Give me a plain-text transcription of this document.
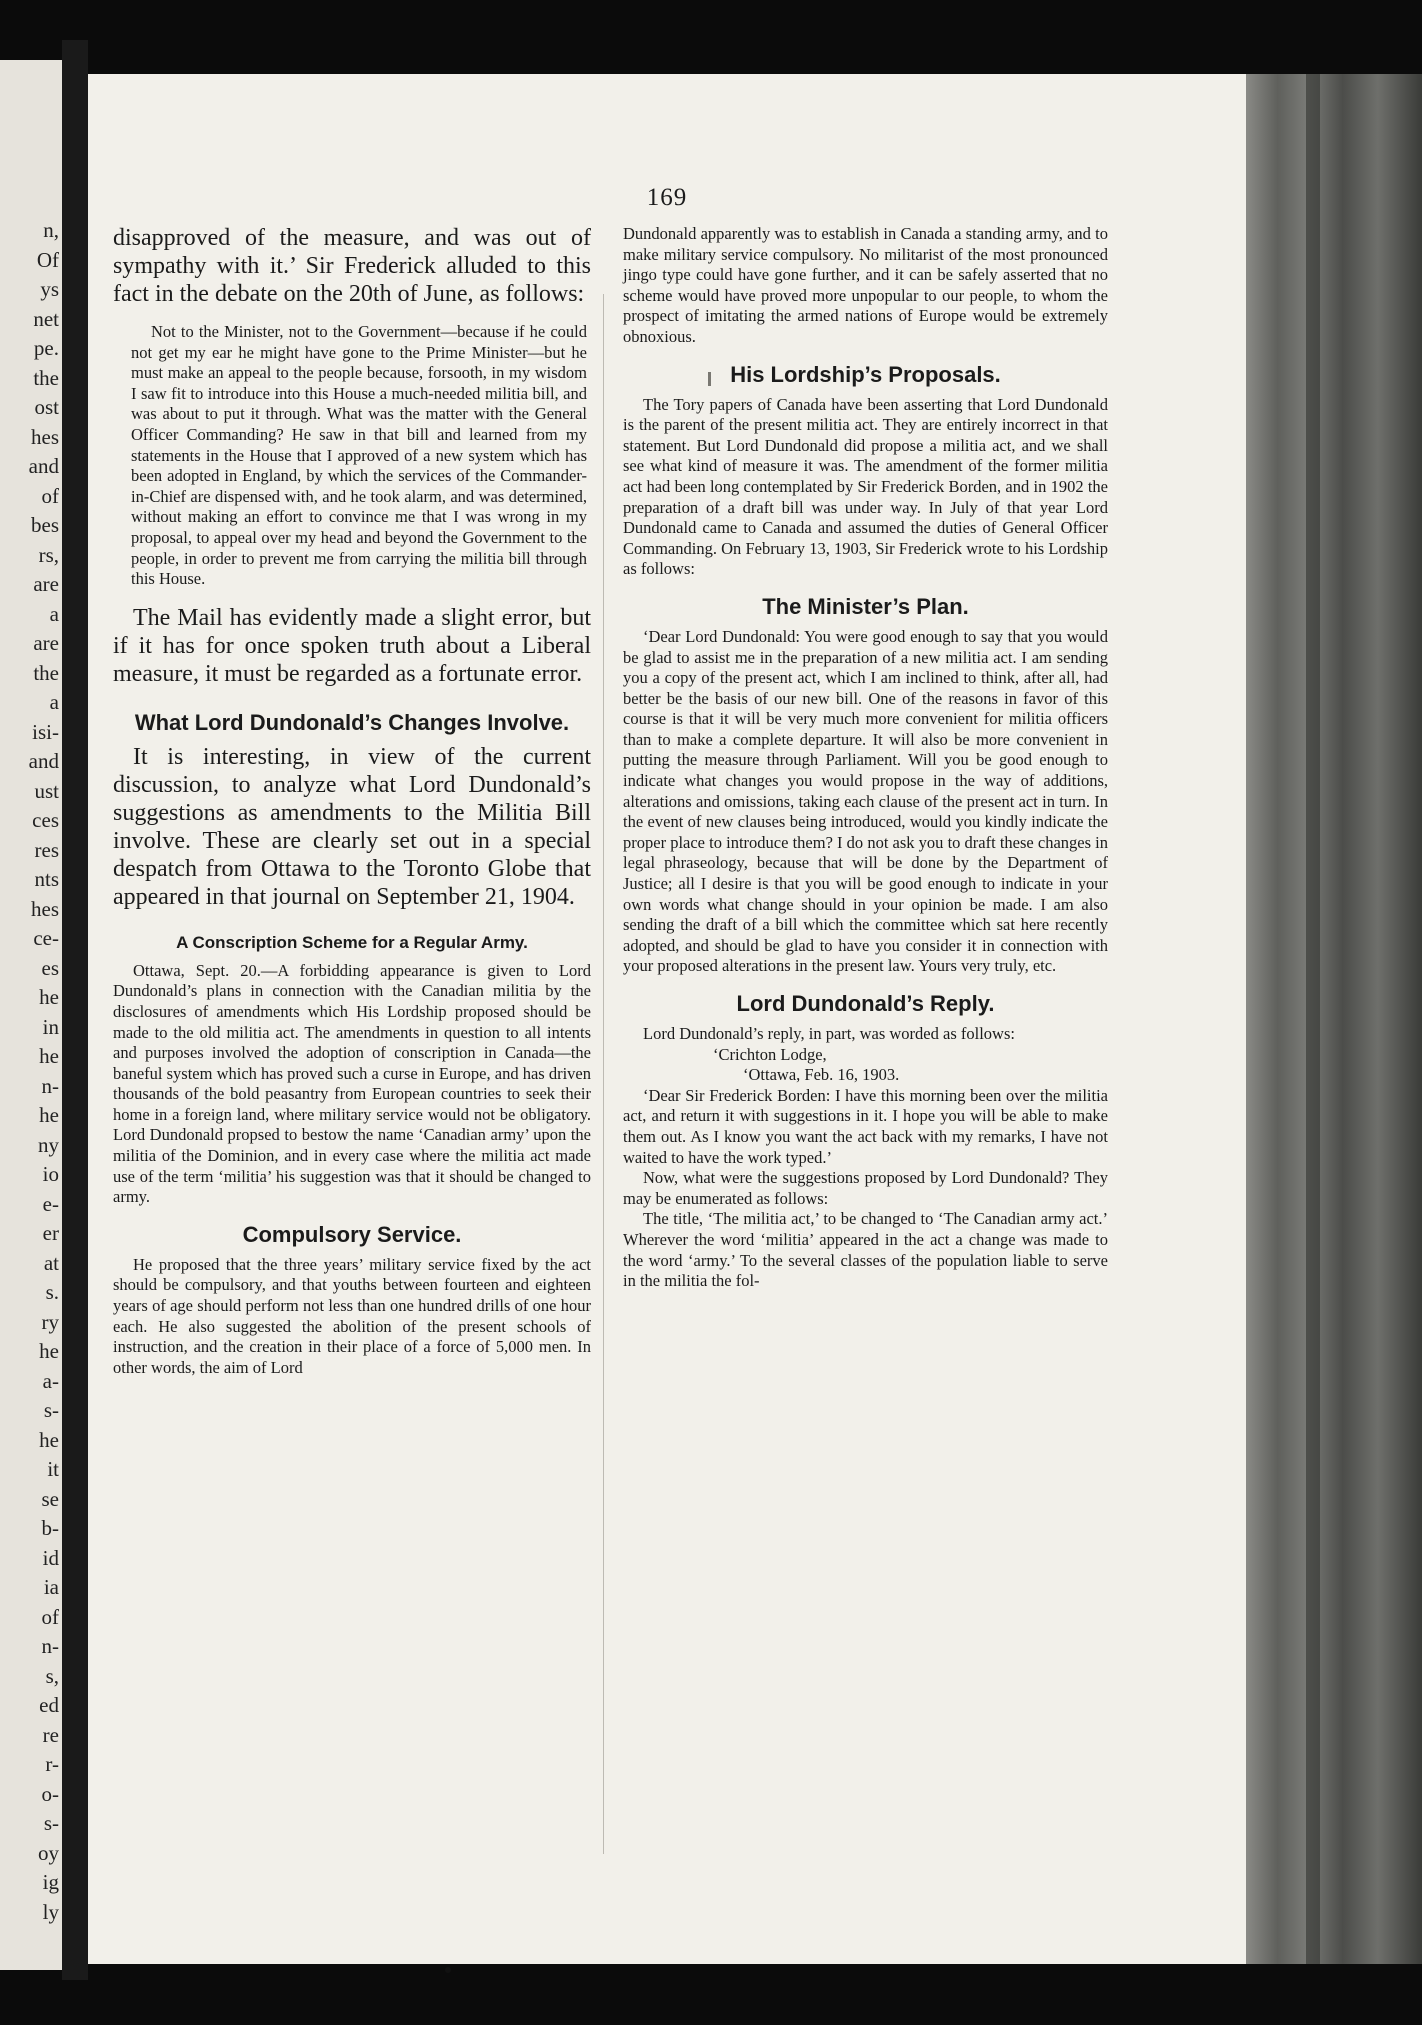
n,
Of
ys
net
pe.
the
ost
hes
and
of
bes
rs,
are
a
are
the
a
isi-
and
ust
ces
res
nts
hes
ce-
es
he
in
he
n-
he
ny
io
e-
er
at
s.
ry
he
a-
s-
he
it
se
b-
id
ia
of
n-
s,
ed
re
r-
o-
s-
oy
ig
ly
169

disapproved of the measure, and was out of sympathy with it.’ Sir Frederick alluded to this fact in the debate on the 20th of June, as follows:

Not to the Minister, not to the Government—because if he could not get my ear he might have gone to the Prime Minister—but he must make an appeal to the people because, forsooth, in my wisdom I saw fit to introduce into this House a much-needed militia bill, and was about to put it through. What was the matter with the General Officer Commanding? He saw in that bill and learned from my statements in the House that I approved of a new system which has been adopted in England, by which the services of the Commander-in-Chief are dispensed with, and he took alarm, and was determined, without making an effort to convince me that I was wrong in my proposal, to appeal over my head and beyond the Government to the people, in order to prevent me from carrying the militia bill through this House.

The Mail has evidently made a slight error, but if it has for once spoken truth about a Liberal measure, it must be regarded as a fortunate error.

What Lord Dundonald’s Changes Involve.

It is interesting, in view of the current discussion, to analyze what Lord Dundonald’s suggestions as amendments to the Militia Bill involve. These are clearly set out in a special despatch from Ottawa to the Toronto Globe that appeared in that journal on September 21, 1904.

A Conscription Scheme for a Regular Army.

Ottawa, Sept. 20.—A forbidding appearance is given to Lord Dundonald’s plans in connection with the Canadian militia by the disclosures of amendments which His Lordship proposed should be made to the old militia act. The amendments in question to all intents and purposes involved the adoption of conscription in Canada—the baneful system which has proved such a curse in Europe, and has driven thousands of the bold peasantry from European countries to seek their home in a foreign land, where military service would not be obligatory. Lord Dundonald propsed to bestow the name ‘Canadian army’ upon the militia of the Dominion, and in every case where the militia act made use of the term ‘militia’ his suggestion was that it should be changed to army.

Compulsory Service.

He proposed that the three years’ military service fixed by the act should be compulsory, and that youths between fourteen and eighteen years of age should perform not less than one hundred drills of one hour each. He also suggested the abolition of the present schools of instruction, and the creation in their place of a force of 5,000 men. In other words, the aim of Lord

Dundonald apparently was to establish in Canada a standing army, and to make military service compulsory. No militarist of the most pronounced jingo type could have gone further, and it can be safely asserted that no scheme would have proved more unpopular to our people, to whom the prospect of imitating the armed nations of Europe would be extremely obnoxious.

His Lordship’s Proposals.

The Tory papers of Canada have been asserting that Lord Dundonald is the parent of the present militia act. They are entirely incorrect in that statement. But Lord Dundonald did propose a militia act, and we shall see what kind of measure it was. The amendment of the former militia act had been long contemplated by Sir Frederick Borden, and in 1902 the preparation of a draft bill was under way. In July of that year Lord Dundonald came to Canada and assumed the duties of General Officer Commanding. On February 13, 1903, Sir Frederick wrote to his Lordship as follows:

The Minister’s Plan.

‘Dear Lord Dundonald: You were good enough to say that you would be glad to assist me in the preparation of a new militia act. I am sending you a copy of the present act, which I am inclined to think, after all, had better be the basis of our new bill. One of the reasons in favor of this course is that it will be very much more convenient for militia officers than to make a complete departure. It will also be more convenient in putting the measure through Parliament. Will you be good enough to indicate what changes you would propose in the way of additions, alterations and omissions, taking each clause of the present act in turn. In the event of new clauses being introduced, would you kindly indicate the proper place to introduce them? I do not ask you to draft these changes in legal phraseology, because that will be done by the Department of Justice; all I desire is that you will be good enough to indicate in your own words what change should in your opinion be made. I am also sending the draft of a bill which the committee which sat here recently adopted, and should be glad to have you consider it in connection with your proposed alterations in the present law. Yours very truly, etc.

Lord Dundonald’s Reply.

Lord Dundonald’s reply, in part, was worded as follows:

‘Crichton Lodge,

‘Ottawa, Feb. 16, 1903.

‘Dear Sir Frederick Borden: I have this morning been over the militia act, and return it with suggestions in it. I hope you will be able to make them out. As I know you want the act back with my remarks, I have not waited to have the work typed.’

Now, what were the suggestions proposed by Lord Dundonald? They may be enumerated as follows:

The title, ‘The militia act,’ to be changed to ‘The Canadian army act.’ Wherever the word ‘militia’ appeared in the act a change was made to the word ‘army.’ To the several classes of the population liable to serve in the militia the fol-
